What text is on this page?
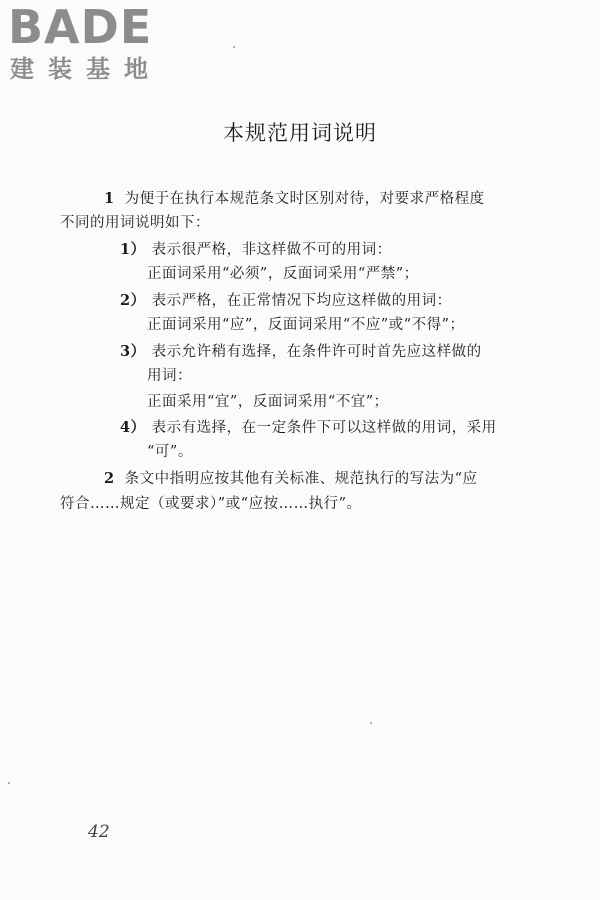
BADE
建装基地
本规范用词说明
1 为便于在执行本规范条文时区别对待，对要求严格程度
不同的用词说明如下：
1） 表示很严格，非这样做不可的用词：
正面词采用“必须”，反面词采用“严禁”；
2） 表示严格，在正常情况下均应这样做的用词：
正面词采用“应”，反面词采用“不应”或“不得”；
3） 表示允许稍有选择，在条件许可时首先应这样做的
用词：
正面采用“宜”，反面词采用“不宜”；
4） 表示有选择，在一定条件下可以这样做的用词，采用
“可”。
2 条文中指明应按其他有关标准、规范执行的写法为“应
符合……规定（或要求）”或“应按……执行”。
42
